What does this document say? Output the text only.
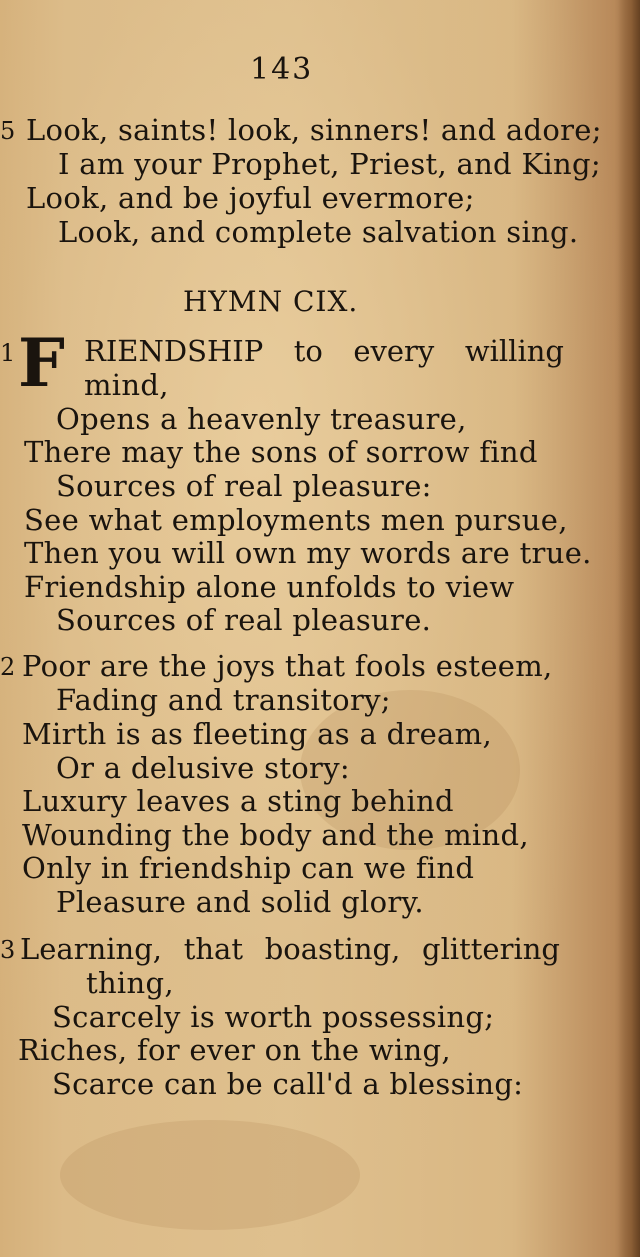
143
5 Look, saints! look, sinners! and adore;
I am your Prophet, Priest, and King;
Look, and be joyful evermore;
Look, and complete salvation sing.
HYMN CIX.
1 F RIENDSHIP to every willing
mind,
Opens a heavenly treasure,
There may the sons of sorrow find
Sources of real pleasure:
See what employments men pursue,
Then you will own my words are true.
Friendship alone unfolds to view
Sources of real pleasure.
2 Poor are the joys that fools esteem,
Fading and transitory;
Mirth is as fleeting as a dream,
Or a delusive story:
Luxury leaves a sting behind
Wounding the body and the mind,
Only in friendship can we find
Pleasure and solid glory.
3 Learning, that boasting, glittering
thing,
Scarcely is worth possessing;
Riches, for ever on the wing,
Scarce can be call'd a blessing:
